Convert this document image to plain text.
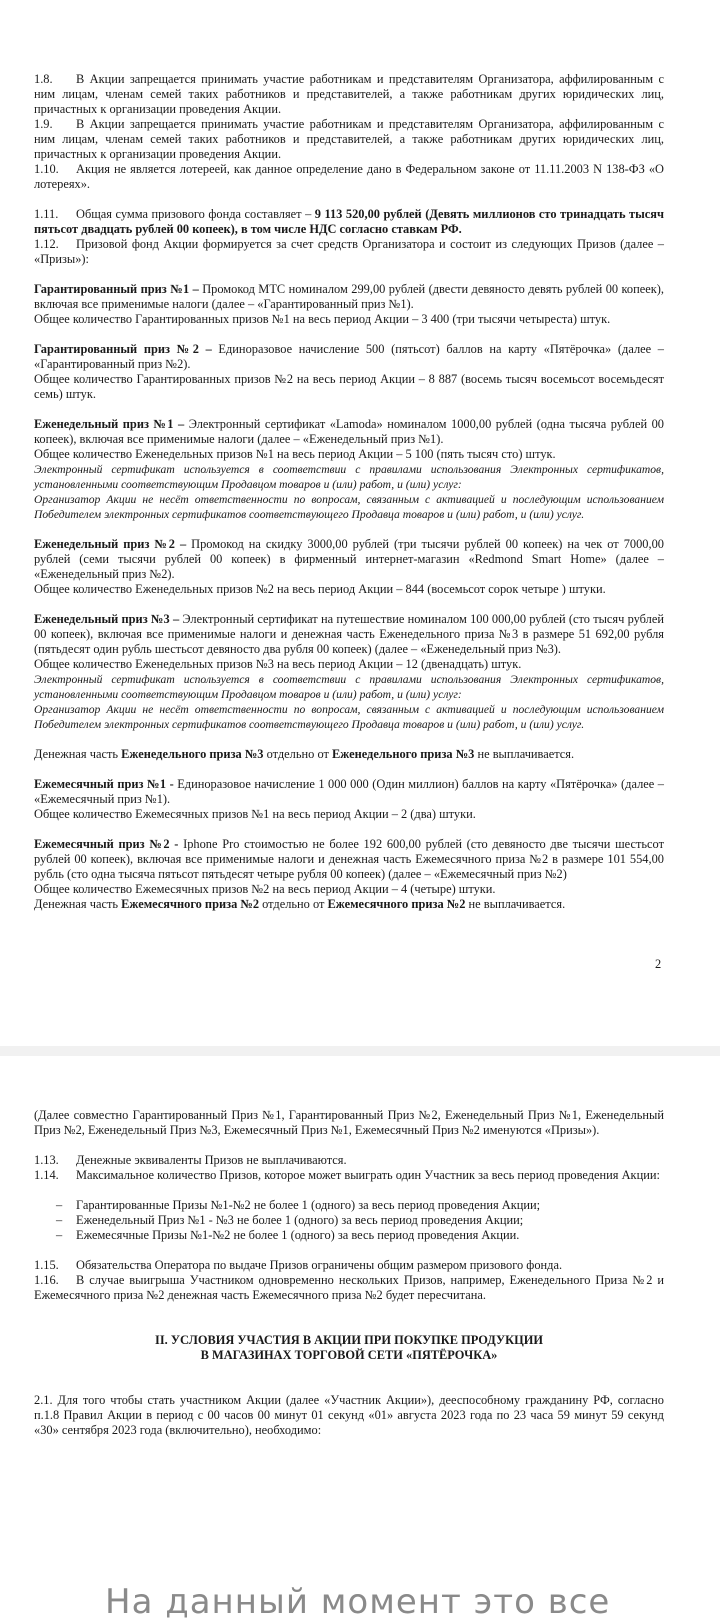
1.8. В Акции запрещается принимать участие работникам и представителям Организатора, аффилированным с ним лицам, членам семей таких работников и представителей, а также работникам других юридических лиц, причастных к организации проведения Акции.

1.9. В Акции запрещается принимать участие работникам и представителям Организатора, аффилированным с ним лицам, членам семей таких работников и представителей, а также работникам других юридических лиц, причастных к организации проведения Акции.

1.10. Акция не является лотереей, как данное определение дано в Федеральном законе от 11.11.2003 N 138-ФЗ «О лотереях».

1.11. Общая сумма призового фонда составляет – 9 113 520,00 рублей (Девять миллионов сто тринадцать тысяч пятьсот двадцать рублей 00 копеек), в том числе НДС согласно ставкам РФ.

1.12. Призовой фонд Акции формируется за счет средств Организатора и состоит из следующих Призов (далее – «Призы»):

Гарантированный приз №1 – Промокод МТС номиналом 299,00 рублей (двести девяносто девять рублей 00 копеек), включая все применимые налоги (далее – «Гарантированный приз №1).

Общее количество Гарантированных призов №1 на весь период Акции – 3 400 (три тысячи четыреста) штук.

Гарантированный приз №2 – Единоразовое начисление 500 (пятьсот) баллов на карту «Пятёрочка» (далее – «Гарантированный приз №2).

Общее количество Гарантированных призов №2 на весь период Акции – 8 887 (восемь тысяч восемьсот восемьдесят семь) штук.

Еженедельный приз №1 – Электронный сертификат «Lamoda» номиналом 1000,00 рублей (одна тысяча рублей 00 копеек), включая все применимые налоги (далее – «Еженедельный приз №1).

Общее количество Еженедельных призов №1 на весь период Акции – 5 100 (пять тысяч сто) штук.

Электронный сертификат используется в соответствии с правилами использования Электронных сертификатов, установленными соответствующим Продавцом товаров и (или) работ, и (или) услуг:

Организатор Акции не несёт ответственности по вопросам, связанным с активацией и последующим использованием Победителем электронных сертификатов соответствующего Продавца товаров и (или) работ, и (или) услуг.

Еженедельный приз №2 – Промокод на скидку 3000,00 рублей (три тысячи рублей 00 копеек) на чек от 7000,00 рублей (семи тысячи рублей 00 копеек) в фирменный интернет-магазин «Redmond Smart Home» (далее – «Еженедельный приз №2).

Общее количество Еженедельных призов №2 на весь период Акции – 844 (восемьсот сорок четыре ) штуки.

Еженедельный приз №3 – Электронный сертификат на путешествие номиналом 100 000,00 рублей (сто тысяч рублей 00 копеек), включая все применимые налоги и денежная часть Еженедельного приза №3 в размере 51 692,00 рубля (пятьдесят один рубль шестьсот девяносто два рубля 00 копеек) (далее – «Еженедельный приз №3).

Общее количество Еженедельных призов №3 на весь период Акции – 12 (двенадцать) штук.

Электронный сертификат используется в соответствии с правилами использования Электронных сертификатов, установленными соответствующим Продавцом товаров и (или) работ, и (или) услуг:

Организатор Акции не несёт ответственности по вопросам, связанным с активацией и последующим использованием Победителем электронных сертификатов соответствующего Продавца товаров и (или) работ, и (или) услуг.

Денежная часть Еженедельного приза №3 отдельно от Еженедельного приза №3 не выплачивается.

Ежемесячный приз №1 - Единоразовое начисление 1 000 000 (Один миллион) баллов на карту «Пятёрочка» (далее – «Ежемесячный приз №1).

Общее количество Ежемесячных призов №1 на весь период Акции – 2 (два) штуки.

Ежемесячный приз №2 - Iphone Pro стоимостью не более 192 600,00 рублей (сто девяносто две тысячи шестьсот рублей 00 копеек), включая все применимые налоги и денежная часть Ежемесячного приза №2 в размере 101 554,00 рубль (сто одна тысяча пятьсот пятьдесят четыре рубля 00 копеек) (далее – «Ежемесячный приз №2)

Общее количество Ежемесячных призов №2 на весь период Акции – 4 (четыре) штуки.

Денежная часть Ежемесячного приза №2 отдельно от Ежемесячного приза №2 не выплачивается.

2

(Далее совместно Гарантированный Приз №1, Гарантированный Приз №2, Еженедельный Приз №1, Еженедельный Приз №2, Еженедельный Приз №3, Ежемесячный Приз №1, Ежемесячный Приз №2 именуются «Призы»).

1.13. Денежные эквиваленты Призов не выплачиваются.

1.14. Максимальное количество Призов, которое может выиграть один Участник за весь период проведения Акции:

– Гарантированные Призы №1-№2 не более 1 (одного) за весь период проведения Акции;
– Еженедельный Приз №1 - №3 не более 1 (одного) за весь период проведения Акции;
– Ежемесячные Призы №1-№2 не более 1 (одного) за весь период проведения Акции.

1.15. Обязательства Оператора по выдаче Призов ограничены общим размером призового фонда.

1.16. В случае выигрыша Участником одновременно нескольких Призов, например, Еженедельного Приза №2 и Ежемесячного приза №2 денежная часть Ежемесячного приза №2 будет пересчитана.

II. УСЛОВИЯ УЧАСТИЯ В АКЦИИ ПРИ ПОКУПКЕ ПРОДУКЦИИ

В МАГАЗИНАХ ТОРГОВОЙ СЕТИ «ПЯТЁРОЧКА»

2.1. Для того чтобы стать участником Акции (далее «Участник Акции»), дееспособному гражданину РФ, согласно п.1.8 Правил Акции в период с 00 часов 00 минут 01 секунд «01» августа 2023 года по 23 часа 59 минут 59 секунд «30» сентября 2023 года (включительно), необходимо:

На данный момент это все
